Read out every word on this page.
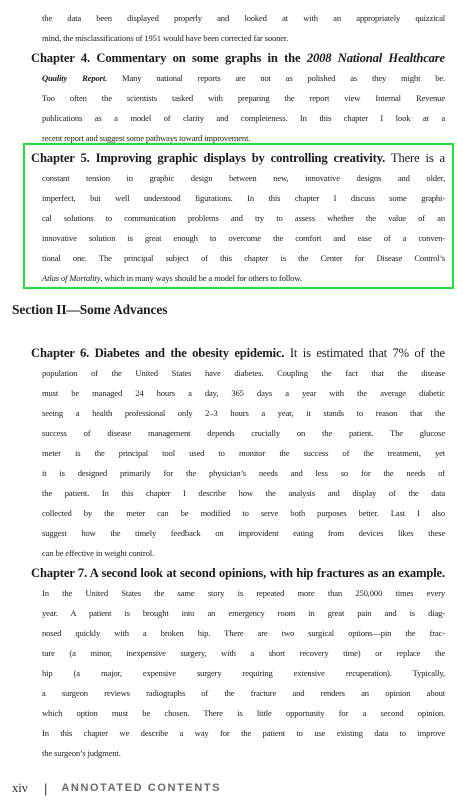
the data been displayed properly and looked at with an appropriately quizzical
mind, the misclassifications of 1951 would have been corrected far sooner.
Chapter 4. Commentary on some graphs in the 2008 National Healthcare
Quality Report. Many national reports are not as polished as they might be.
Too often the scientists tasked with preparing the report view Internal Revenue
publications as a model of clarity and completeness. In this chapter I look at a
recent report and suggest some pathways toward improvement.
Chapter 5. Improving graphic displays by controlling creativity. There is a
constant tension in graphic design between new, innovative designs and older,
imperfect, but well understood figurations. In this chapter I discuss some graphi-
cal solutions to communication problems and try to assess whether the value of an
innovative solution is great enough to overcome the comfort and ease of a conven-
tional one. The principal subject of this chapter is the Center for Disease Control’s
Atlas of Mortality, which in many ways should be a model for others to follow.
Section II—Some Advances
Chapter 6. Diabetes and the obesity epidemic. It is estimated that 7% of the
population of the United States have diabetes. Coupling the fact that the disease
must be managed 24 hours a day, 365 days a year with the average diabetic
seeing a health professional only 2–3 hours a year, it stands to reason that the
success of disease management depends crucially on the patient. The glucose
meter is the principal tool used to monitor the success of the treatment, yet
it is designed primarily for the physician’s needs and less so for the needs of
the patient. In this chapter I describe how the analysis and display of the data
collected by the meter can be modified to serve both purposes better. Last I also
suggest how the timely feedback on improvident eating from devices likes these
can be effective in weight control.
Chapter 7. A second look at second opinions, with hip fractures as an example.
In the United States the same story is repeated more than 250,000 times every
year. A patient is brought into an emergency room in great pain and is diag-
nosed quickly with a broken hip. There are two surgical options—pin the frac-
ture (a minor, inexpensive surgery, with a short recovery time) or replace the
hip (a major, expensive surgery requiring extensive recuperation). Typically,
a surgeon reviews radiographs of the fracture and renders an opinion about
which option must be chosen. There is little opportunity for a second opinion.
In this chapter we describe a way for the patient to use existing data to improve
the surgeon’s judgment.
xiv | ANNOTATED CONTENTS
